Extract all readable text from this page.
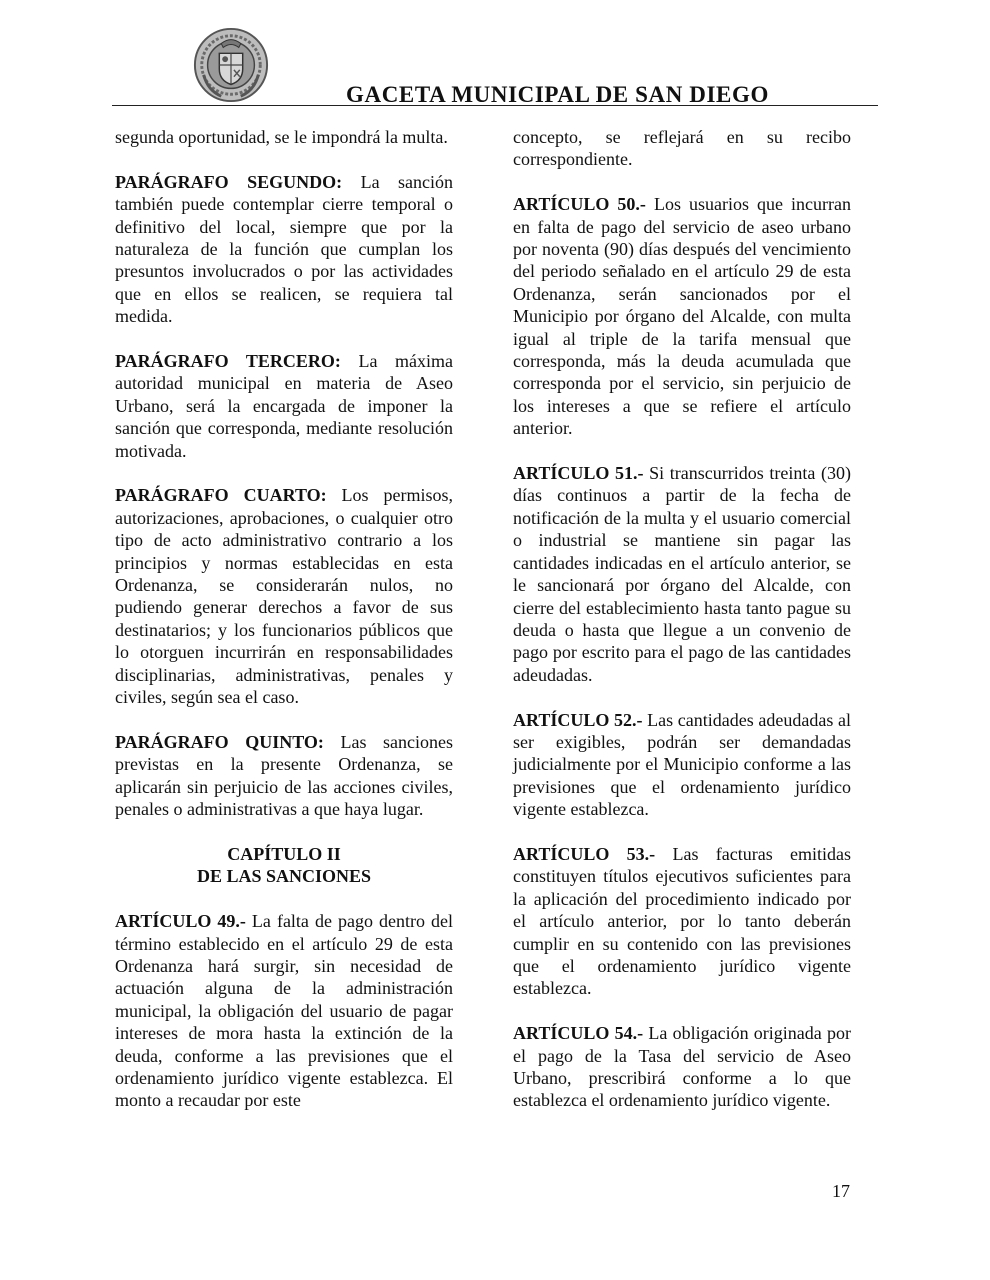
GACETA MUNICIPAL DE SAN DIEGO

segunda oportunidad, se le impondrá la multa.

PARÁGRAFO SEGUNDO: La sanción también puede contemplar cierre temporal o definitivo del local, siempre que por la naturaleza de la función que cumplan los presuntos involucrados o por las actividades que en ellos se realicen, se requiera tal medida.

PARÁGRAFO TERCERO: La máxima autoridad municipal en materia de Aseo Urbano, será la encargada de imponer la sanción que corresponda, mediante resolución motivada.

PARÁGRAFO CUARTO: Los permisos, autorizaciones, aprobaciones, o cualquier otro tipo de acto administrativo contrario a los principios y normas establecidas en esta Ordenanza, se considerarán nulos, no pudiendo generar derechos a favor de sus destinatarios; y los funcionarios públicos que lo otorguen incurrirán en responsabilidades disciplinarias, administrativas, penales y civiles, según sea el caso.

PARÁGRAFO QUINTO: Las sanciones previstas en la presente Ordenanza, se aplicarán sin perjuicio de las acciones civiles, penales o administrativas a que haya lugar.

CAPÍTULO II
DE LAS SANCIONES

ARTÍCULO 49.- La falta de pago dentro del término establecido en el artículo 29 de esta Ordenanza hará surgir, sin necesidad de actuación alguna de la administración municipal, la obligación del usuario de pagar intereses de mora hasta la extinción de la deuda, conforme a las previsiones que el ordenamiento jurídico vigente establezca. El monto a recaudar por este

concepto, se reflejará en su recibo correspondiente.

ARTÍCULO 50.- Los usuarios que incurran en falta de pago del servicio de aseo urbano por noventa (90) días después del vencimiento del periodo señalado en el artículo 29 de esta Ordenanza, serán sancionados por el Municipio por órgano del Alcalde, con multa igual al triple de la tarifa mensual que corresponda, más la deuda acumulada que corresponda por el servicio, sin perjuicio de los intereses a que se refiere el artículo anterior.

ARTÍCULO 51.- Si transcurridos treinta (30) días continuos a partir de la fecha de notificación de la multa y el usuario comercial o industrial se mantiene sin pagar las cantidades indicadas en el artículo anterior, se le sancionará por órgano del Alcalde, con cierre del establecimiento hasta tanto pague su deuda o hasta que llegue a un convenio de pago por escrito para el pago de las cantidades adeudadas.

ARTÍCULO 52.- Las cantidades adeudadas al ser exigibles, podrán ser demandadas judicialmente por el Municipio conforme a las previsiones que el ordenamiento jurídico vigente establezca.

ARTÍCULO 53.- Las facturas emitidas constituyen títulos ejecutivos suficientes para la aplicación del procedimiento indicado por el artículo anterior, por lo tanto deberán cumplir en su contenido con las previsiones que el ordenamiento jurídico vigente establezca.

ARTÍCULO 54.- La obligación originada por el pago de la Tasa del servicio de Aseo Urbano, prescribirá conforme a lo que establezca el ordenamiento jurídico vigente.

17
